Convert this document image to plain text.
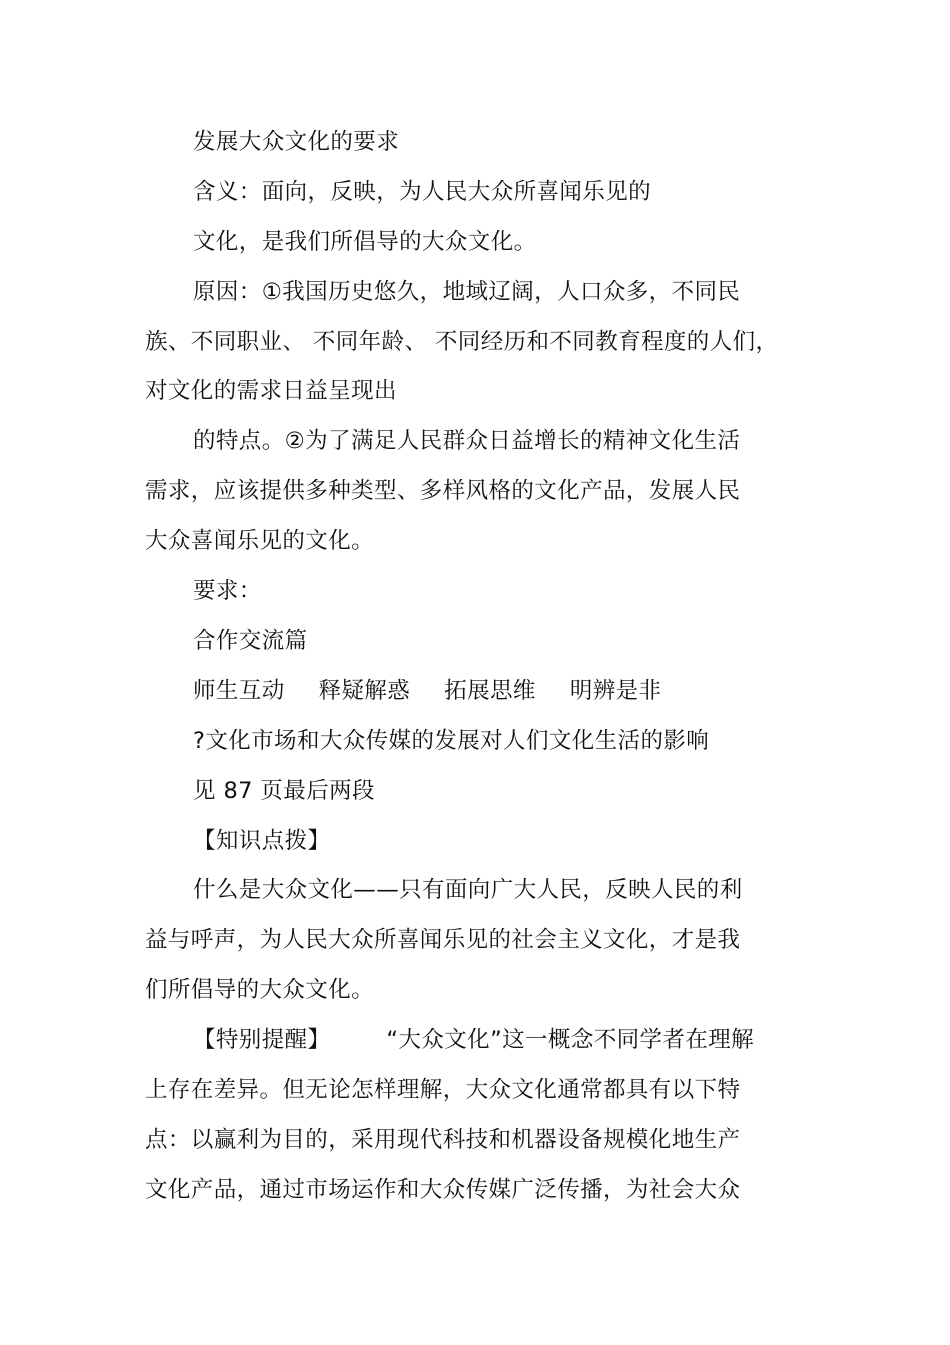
发展大众文化的要求
含义：面向，反映，为人民大众所喜闻乐见的
文化，是我们所倡导的大众文化。
原因：①我国历史悠久，地域辽阔，人口众多，不同民
族、不同职业、 不同年龄、 不同经历和不同教育程度的人们，
对文化的需求日益呈现出
的特点。②为了满足人民群众日益增长的精神文化生活
需求，应该提供多种类型、多样风格的文化产品，发展人民
大众喜闻乐见的文化。
要求：
合作交流篇
师生互动 释疑解惑 拓展思维 明辨是非
?文化市场和大众传媒的发展对人们文化生活的影响
见 87 页最后两段
【知识点拨】
什么是大众文化——只有面向广大人民，反映人民的利
益与呼声，为人民大众所喜闻乐见的社会主义文化，才是我
们所倡导的大众文化。
【特别提醒】 “大众文化”这一概念不同学者在理解
上存在差异。但无论怎样理解，大众文化通常都具有以下特
点：以赢利为目的，采用现代科技和机器设备规模化地生产
文化产品，通过市场运作和大众传媒广泛传播，为社会大众
